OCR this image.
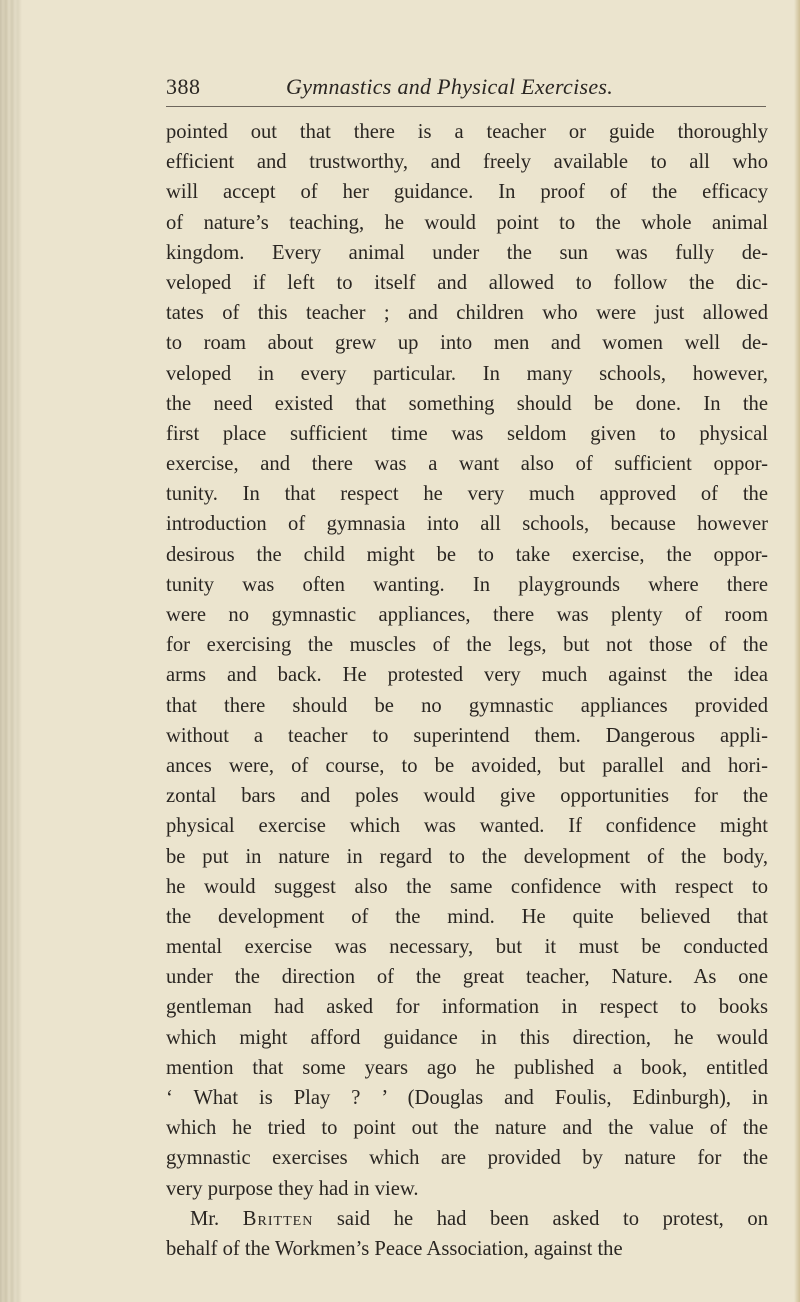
388	Gymnastics and Physical Exercises.
pointed out that there is a teacher or guide thoroughly
efficient and trustworthy, and freely available to all who
will accept of her guidance. In proof of the efficacy
of nature’s teaching, he would point to the whole animal
kingdom. Every animal under the sun was fully de-
veloped if left to itself and allowed to follow the dic-
tates of this teacher ; and children who were just allowed
to roam about grew up into men and women well de-
veloped in every particular. In many schools, however,
the need existed that something should be done. In the
first place sufficient time was seldom given to physical
exercise, and there was a want also of sufficient oppor-
tunity. In that respect he very much approved of the
introduction of gymnasia into all schools, because however
desirous the child might be to take exercise, the oppor-
tunity was often wanting. In playgrounds where there
were no gymnastic appliances, there was plenty of room
for exercising the muscles of the legs, but not those of the
arms and back. He protested very much against the idea
that there should be no gymnastic appliances provided
without a teacher to superintend them. Dangerous appli-
ances were, of course, to be avoided, but parallel and hori-
zontal bars and poles would give opportunities for the
physical exercise which was wanted. If confidence might
be put in nature in regard to the development of the body,
he would suggest also the same confidence with respect to
the development of the mind. He quite believed that
mental exercise was necessary, but it must be conducted
under the direction of the great teacher, Nature. As one
gentleman had asked for information in respect to books
which might afford guidance in this direction, he would
mention that some years ago he published a book, entitled
‘ What is Play ? ’ (Douglas and Foulis, Edinburgh), in
which he tried to point out the nature and the value of the
gymnastic exercises which are provided by nature for the
very purpose they had in view.
Mr. Britten said he had been asked to protest, on
behalf of the Workmen’s Peace Association, against the
